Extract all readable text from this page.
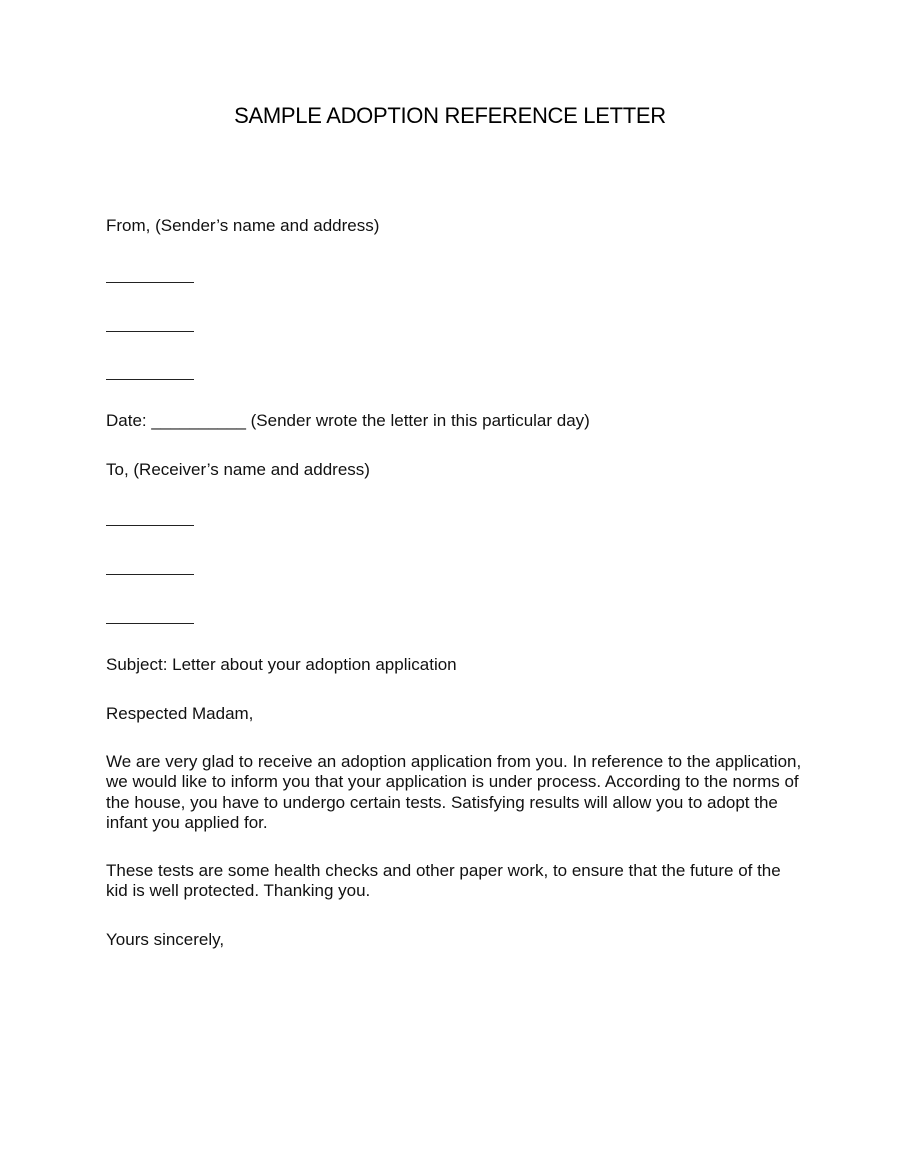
SAMPLE ADOPTION REFERENCE LETTER
From, (Sender’s name and address)
Date: __________ (Sender wrote the letter in this particular day)
To, (Receiver’s name and address)
Subject: Letter about your adoption application
Respected Madam,
We are very glad to receive an adoption application from you. In reference to the application, we would like to inform you that your application is under process. According to the norms of the house, you have to undergo certain tests. Satisfying results will allow you to adopt the infant you applied for.
These tests are some health checks and other paper work, to ensure that the future of the kid is well protected. Thanking you.
Yours sincerely,
